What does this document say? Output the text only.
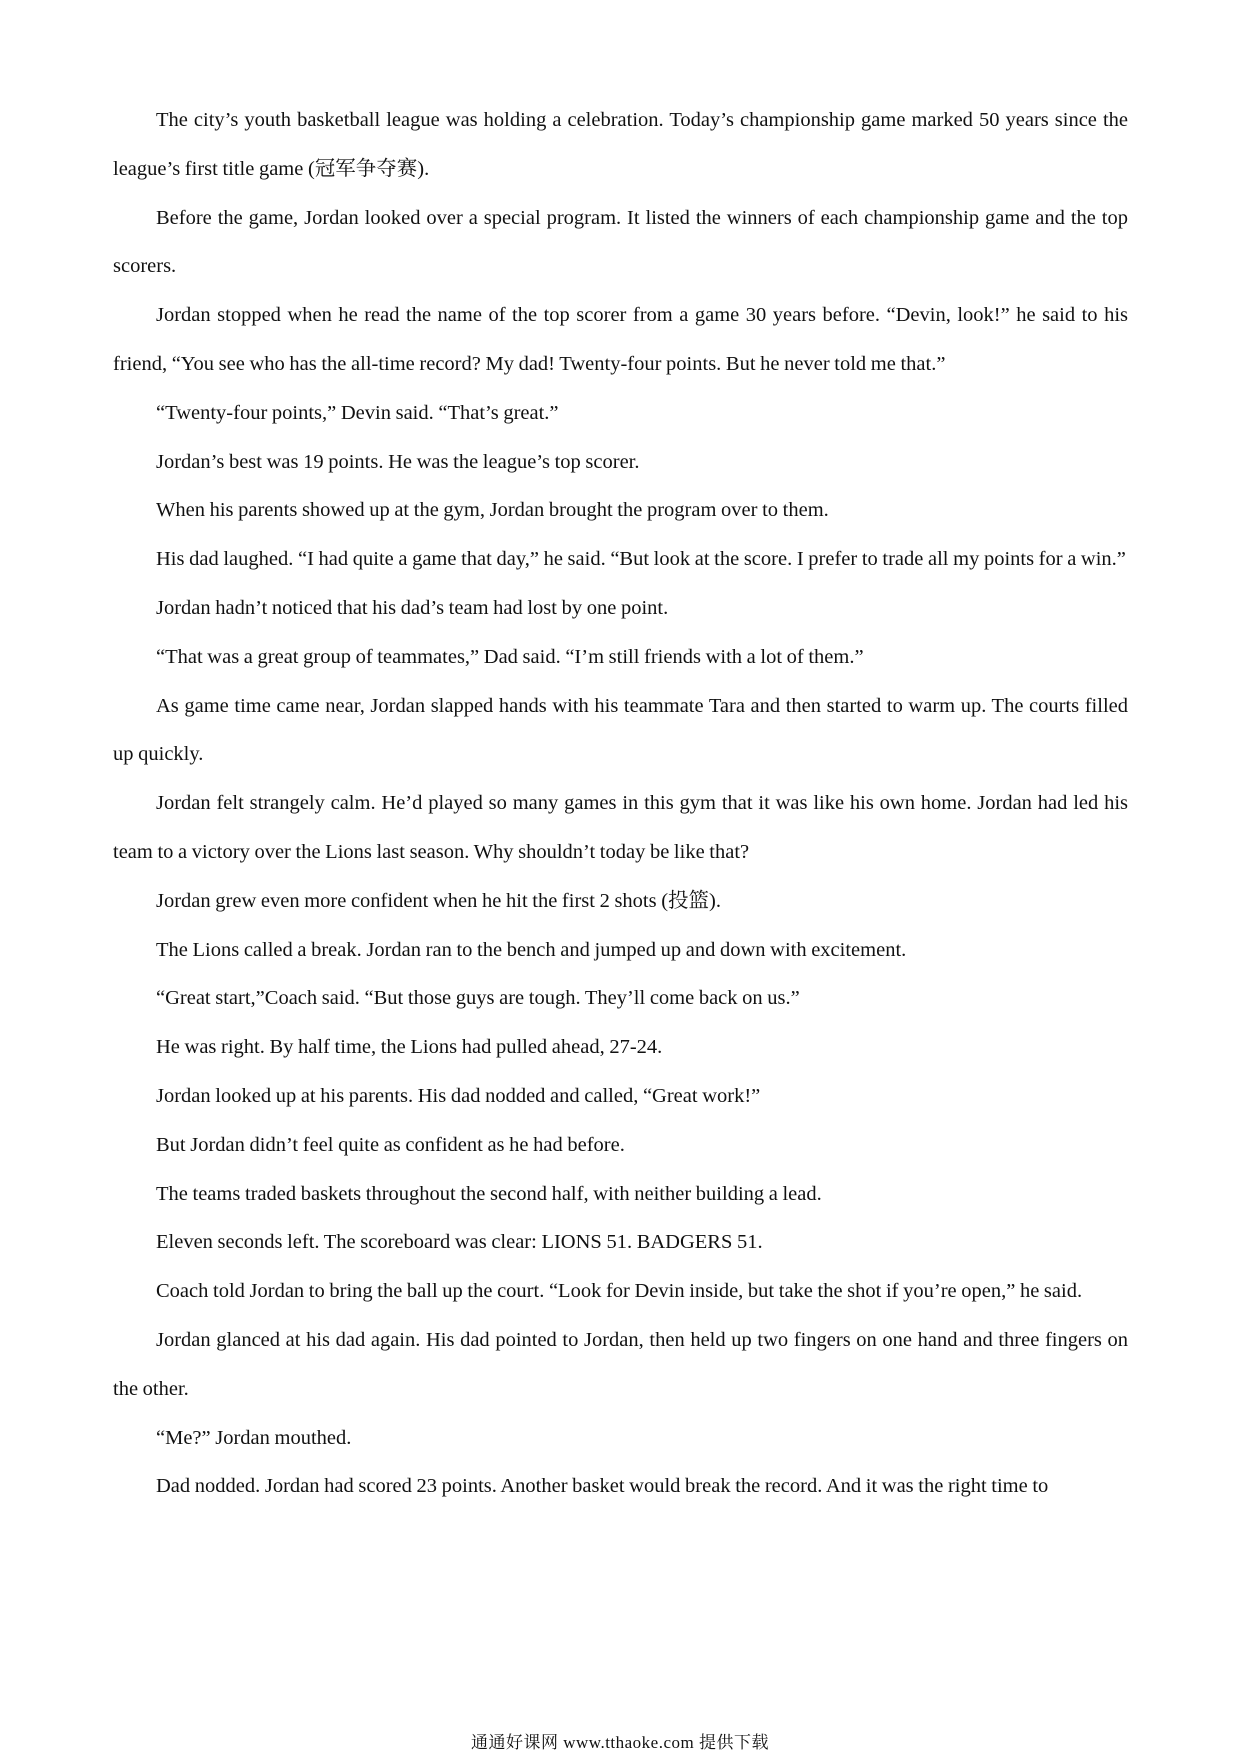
The city’s youth basketball league was holding a celebration. Today’s championship game marked 50 years since the league’s first title game (冠军争夺赛).

Before the game, Jordan looked over a special program. It listed the winners of each championship game and the top scorers.

Jordan stopped when he read the name of the top scorer from a game 30 years before. “Devin, look!” he said to his friend, “You see who has the all-time record? My dad! Twenty-four points. But he never told me that.”

“Twenty-four points,” Devin said. “That’s great.”

Jordan’s best was 19 points. He was the league’s top scorer.

When his parents showed up at the gym, Jordan brought the program over to them.

His dad laughed. “I had quite a game that day,” he said. “But look at the score. I prefer to trade all my points for a win.”

Jordan hadn’t noticed that his dad’s team had lost by one point.

“That was a great group of teammates,” Dad said. “I’m still friends with a lot of them.”

As game time came near, Jordan slapped hands with his teammate Tara and then started to warm up. The courts filled up quickly.

Jordan felt strangely calm. He’d played so many games in this gym that it was like his own home. Jordan had led his team to a victory over the Lions last season. Why shouldn’t today be like that?

Jordan grew even more confident when he hit the first 2 shots (投篮).

The Lions called a break. Jordan ran to the bench and jumped up and down with excitement.

“Great start,”Coach said. “But those guys are tough. They’ll come back on us.”

He was right. By half time, the Lions had pulled ahead, 27-24.

Jordan looked up at his parents. His dad nodded and called, “Great work!”

But Jordan didn’t feel quite as confident as he had before.

The teams traded baskets throughout the second half, with neither building a lead.

Eleven seconds left. The scoreboard was clear: LIONS 51. BADGERS 51.

Coach told Jordan to bring the ball up the court. “Look for Devin inside, but take the shot if you’re open,” he said.

Jordan glanced at his dad again. His dad pointed to Jordan, then held up two fingers on one hand and three fingers on the other.

“Me?” Jordan mouthed.

Dad nodded. Jordan had scored 23 points. Another basket would break the record. And it was the right time to

通通好课网 www.tthaoke.com 提供下载
